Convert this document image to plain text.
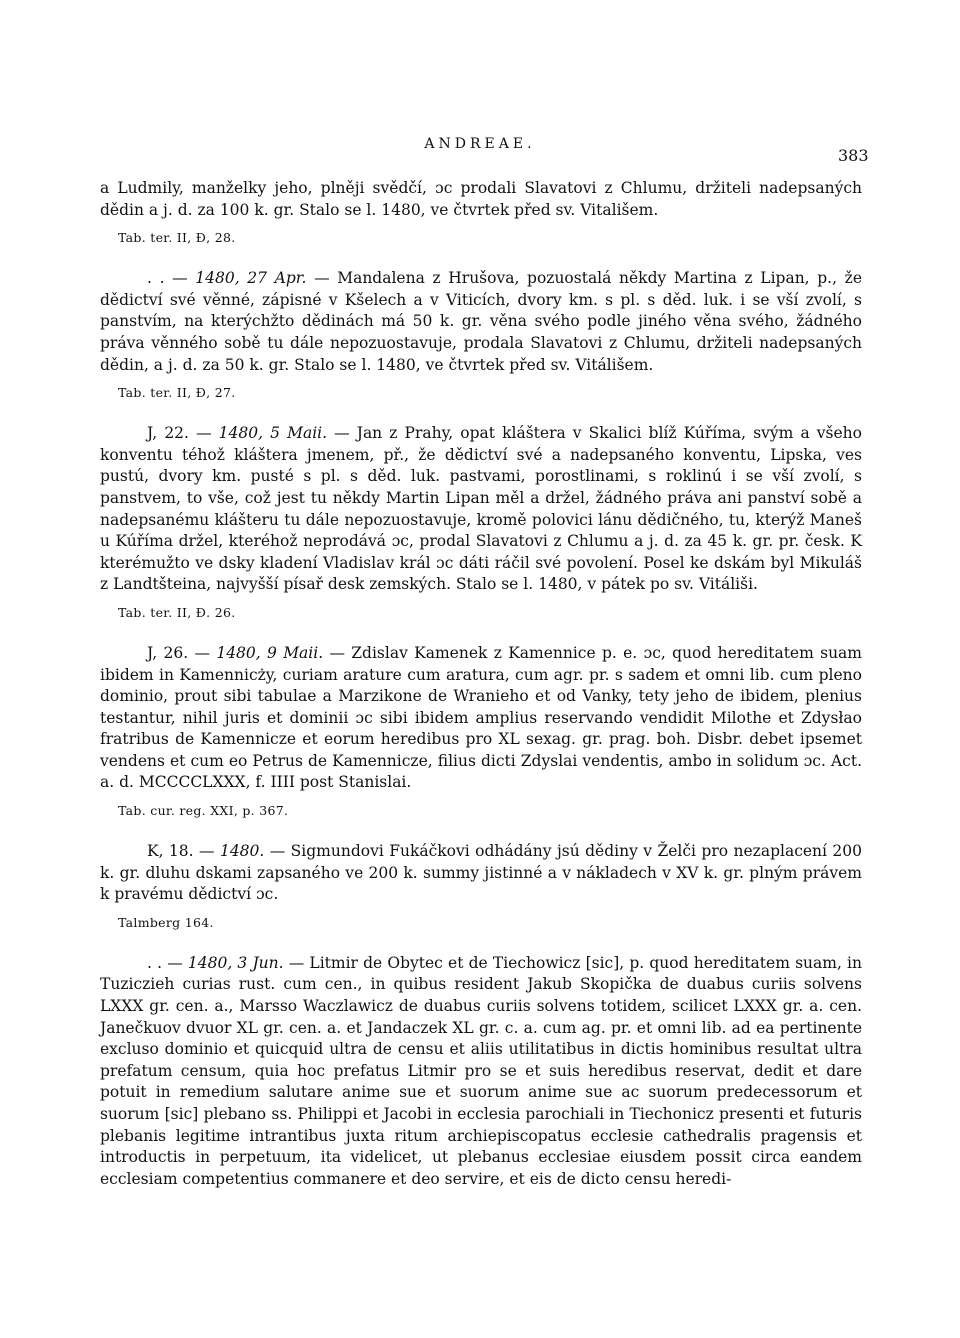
ANDREAE.
383

a Ludmily, manželky jeho, plněji svědčí, ɔc prodali Slavatovi z Chlumu, držiteli nadepsaných dědin a j. d. za 100 k. gr. Stalo se l. 1480, ve čtvrtek před sv. Vitališem.

Tab. ter. II, Ɖ, 28.

. . — 1480, 27 Apr. — Mandalena z Hrušova, pozuostalá někdy Martina z Lipan, p., že dědictví své věnné, zápisné v Kšelech a v Viticích, dvory km. s pl. s děd. luk. i se vší zvolí, s panstvím, na kterýchžto dědinách má 50 k. gr. věna svého podle jiného věna svého, žádného práva věnného sobě tu dále nepozuostavuje, prodala Slavatovi z Chlumu, držiteli nadepsaných dědin, a j. d. za 50 k. gr. Stalo se l. 1480, ve čtvrtek před sv. Vitálišem.

Tab. ter. II, Ɖ, 27.

J, 22. — 1480, 5 Maii. — Jan z Prahy, opat kláštera v Skalici blíž Kúříma, svým a všeho konventu téhož kláštera jmenem, př., že dědictví své a nadepsaného konventu, Lipska, ves pustú, dvory km. pusté s pl. s děd. luk. pastvami, porostlinami, s roklinú i se vší zvolí, s panstvem, to vše, což jest tu někdy Martin Lipan měl a držel, žádného práva ani panství sobě a nadepsanému klášteru tu dále nepozuostavuje, kromě polovici lánu dědičného, tu, kterýž Maneš u Kúříma držel, kteréhož neprodává ɔc, prodal Slavatovi z Chlumu a j. d. za 45 k. gr. pr. česk. K kterémužto ve dsky kladení Vladislav král ɔc dáti ráčil své povolení. Posel ke dskám byl Mikuláš z Landtšteina, najvyšší písař desk zemských. Stalo se l. 1480, v pátek po sv. Vitáliši.

Tab. ter. II, Ɖ. 26.

J, 26. — 1480, 9 Maii. — Zdislav Kamenek z Kamennice p. e. ɔc, quod hereditatem suam ibidem in Kamennicży, curiam arature cum aratura, cum agr. pr. s sadem et omni lib. cum pleno dominio, prout sibi tabulae a Marzikone de Wranieho et od Vanky, tety jeho de ibidem, plenius testantur, nihil juris et dominii ɔc sibi ibidem amplius reservando vendidit Milothe et Zdysłao fratribus de Kamennicze et eorum heredibus pro XL sexag. gr. prag. boh. Disbr. debet ipsemet vendens et cum eo Petrus de Kamennicze, filius dicti Zdyslai vendentis, ambo in solidum ɔc. Act. a. d. MCCCCLXXX, f. IIII post Stanislai.

Tab. cur. reg. XXI, p. 367.

K, 18. — 1480. — Sigmundovi Fukáčkovi odhádány jsú dědiny v Želči pro nezaplacení 200 k. gr. dluhu dskami zapsaného ve 200 k. summy jistinné a v nákladech v XV k. gr. plným právem k pravému dědictví ɔc.

Talmberg 164.

. . — 1480, 3 Jun. — Litmir de Obytec et de Tiechowicz [sic], p. quod hereditatem suam, in Tuziczieh curias rust. cum cen., in quibus resident Jakub Skopička de duabus curiis solvens LXXX gr. cen. a., Marsso Waczlawicz de duabus curiis solvens totidem, scilicet LXXX gr. a. cen. Janečkuov dvuor XL gr. cen. a. et Jandaczek XL gr. c. a. cum ag. pr. et omni lib. ad ea pertinente excluso dominio et quicquid ultra de censu et aliis utilitatibus in dictis hominibus resultat ultra prefatum censum, quia hoc prefatus Litmir pro se et suis heredibus reservat, dedit et dare potuit in remedium salutare anime sue et suorum anime sue ac suorum predecessorum et suorum [sic] plebano ss. Philippi et Jacobi in ecclesia parochiali in Tiechonicz presenti et futuris plebanis legitime intrantibus juxta ritum archiepiscopatus ecclesie cathedralis pragensis et introductis in perpetuum, ita videlicet, ut plebanus ecclesiae eiusdem possit circa eandem ecclesiam competentius commanere et deo servire, et eis de dicto censu heredi-
